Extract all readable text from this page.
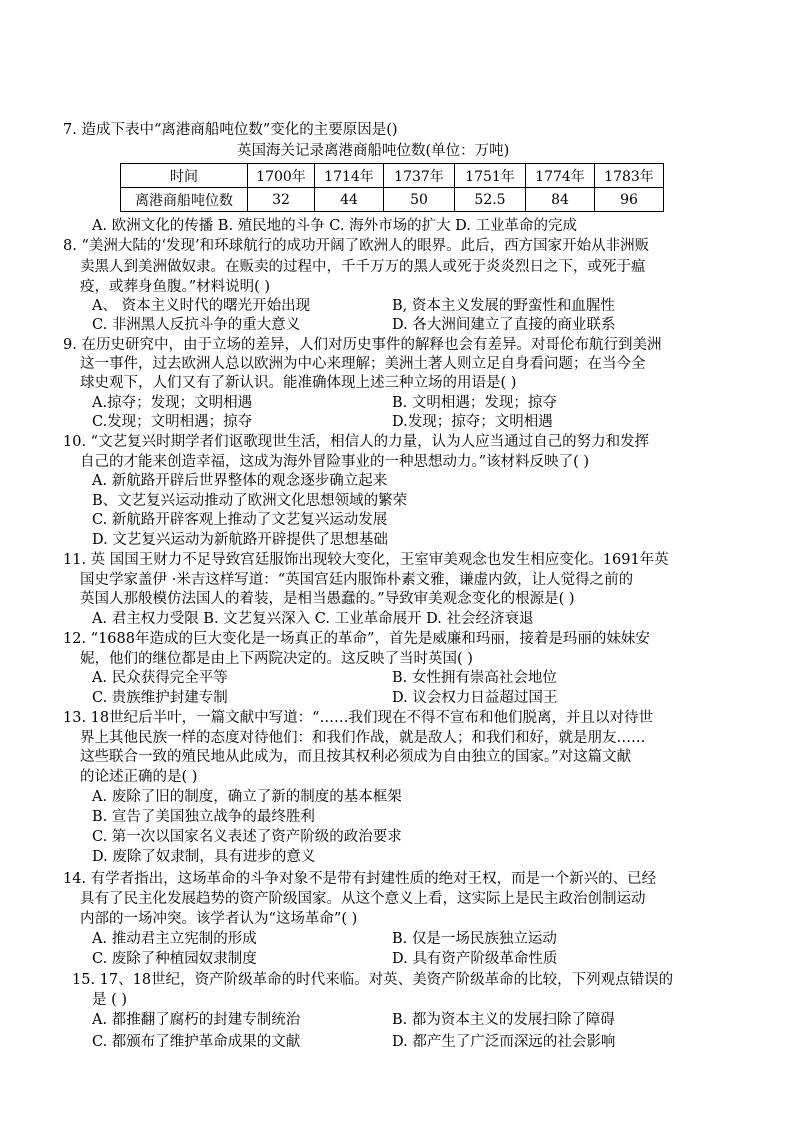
7. 造成下表中“离港商船吨位数”变化的主要原因是()
英国海关记录离港商船吨位数(单位：万吨)
时间	1700年	1714年	1737年	1751年	1774年	1783年
离港商船吨位数	32	44	50	52.5	84	96
A. 欧洲文化的传播 B. 殖民地的斗争 C. 海外市场的扩大 D. 工业革命的完成
8. “美洲大陆的‘发现’和环球航行的成功开阔了欧洲人的眼界。此后，西方国家开始从非洲贩
卖黑人到美洲做奴隶。在贩卖的过程中，千千万万的黑人或死于炎炎烈日之下，或死于瘟
疫，或葬身鱼腹。”材料说明( )
A、 资本主义时代的曙光开始出现	B, 资本主义发展的野蛮性和血腥性
C. 非洲黑人反抗斗争的重大意义	D. 各大洲间建立了直接的商业联系
9. 在历史研究中，由于立场的差异，人们对历史事件的解释也会有差异。对哥伦布航行到美洲
这一事件，过去欧洲人总以欧洲为中心来理解；美洲土著人则立足自身看问题；在当今全
球史观下，人们又有了新认识。能准确体现上述三种立场的用语是( )
A.掠夺；发现；文明相遇	B. 文明相遇；发现；掠夺
C.发现；文明相遇；掠夺	D.发现；掠夺；文明相遇
10. “文艺复兴时期学者们讴歌现世生活，相信人的力量，认为人应当通过自己的努力和发挥
自己的才能来创造幸福，这成为海外冒险事业的一种思想动力。”该材料反映了( )
A. 新航路开辟后世界整体的观念逐步确立起来
B、文艺复兴运动推动了欧洲文化思想领域的繁荣
C. 新航路开辟客观上推动了文艺复兴运动发展
D. 文艺复兴运动为新航路开辟提供了思想基础
11. 英 国国王财力不足导致宫廷服饰出现较大变化，王室审美观念也发生相应变化。1691年英
国史学家盖伊 ·米吉这样写道：“英国宫廷内服饰朴素文雅，谦虚内敛，让人觉得之前的
英国人那般模仿法国人的着装，是相当愚蠢的。”导致审美观念变化的根源是( )
A. 君主权力受限 B. 文艺复兴深入 C. 工业革命展开 D. 社会经济衰退
12. “1688年造成的巨大变化是一场真正的革命”，首先是威廉和玛丽，接着是玛丽的妹妹安
妮，他们的继位都是由上下两院决定的。这反映了当时英国( )
A. 民众获得完全平等	B. 女性拥有崇高社会地位
C. 贵族维护封建专制	D. 议会权力日益超过国王
13. 18世纪后半叶，一篇文献中写道：“……我们现在不得不宣布和他们脱离，并且以对待世
界上其他民族一样的态度对待他们：和我们作战，就是敌人；和我们和好，就是朋友……
这些联合一致的殖民地从此成为，而且按其权利必须成为自由独立的国家。”对这篇文献
的论述正确的是( )
A. 废除了旧的制度，确立了新的制度的基本框架
B. 宣告了美国独立战争的最终胜利
C. 第一次以国家名义表述了资产阶级的政治要求
D. 废除了奴隶制，具有进步的意义
14. 有学者指出，这场革命的斗争对象不是带有封建性质的绝对王权，而是一个新兴的、已经
具有了民主化发展趋势的资产阶级国家。从这个意义上看，这实际上是民主政治创制运动
内部的一场冲突。该学者认为“这场革命”( )
A. 推动君主立宪制的形成	B. 仅是一场民族独立运动
C. 废除了种植园奴隶制度	D. 具有资产阶级革命性质
15. 17、18世纪，资产阶级革命的时代来临。对英、美资产阶级革命的比较，下列观点错误的
是 ( )
A. 都推翻了腐朽的封建专制统治	B. 都为资本主义的发展扫除了障碍
C. 都颁布了维护革命成果的文献	D. 都产生了广泛而深远的社会影响
